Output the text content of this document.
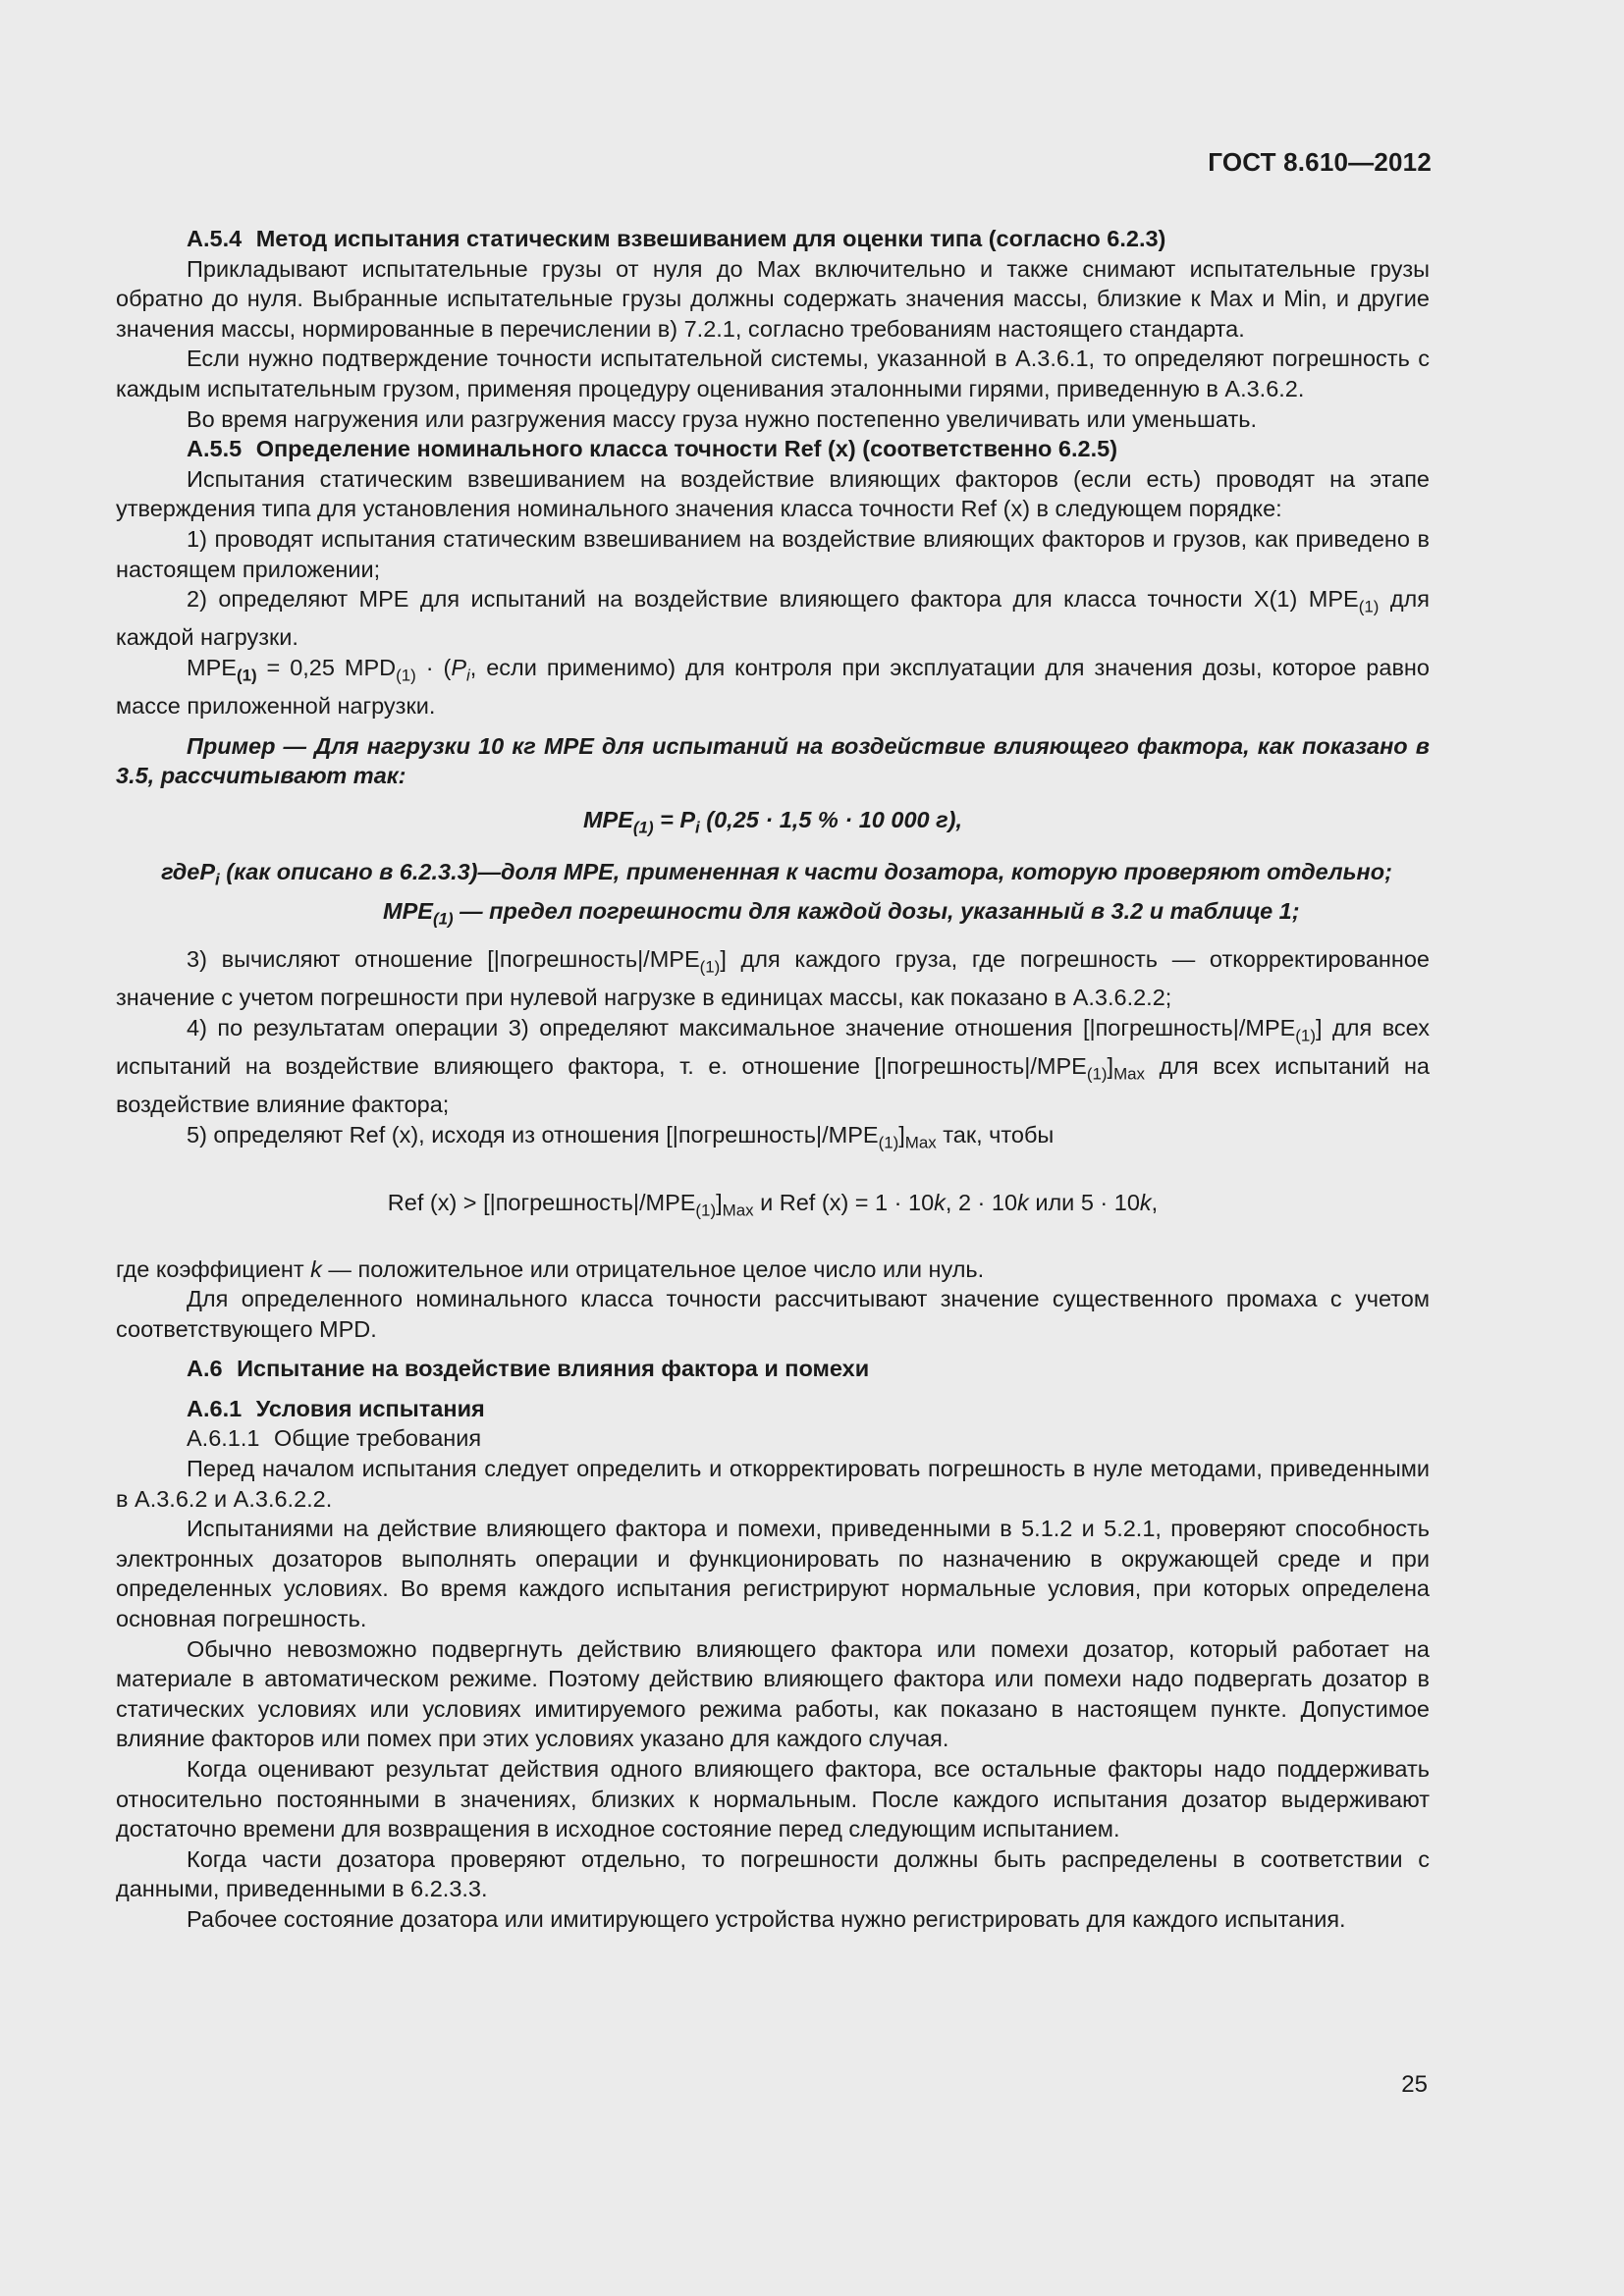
ГОСТ 8.610—2012

А.5.4 Метод испытания статическим взвешиванием для оценки типа (согласно 6.2.3)

Прикладывают испытательные грузы от нуля до Max включительно и также снимают испытательные грузы обратно до нуля. Выбранные испытательные грузы должны содержать значения массы, близкие к Max и Min, и другие значения массы, нормированные в перечислении в) 7.2.1, согласно требованиям настоящего стандарта.

Если нужно подтверждение точности испытательной системы, указанной в А.3.6.1, то определяют погрешность с каждым испытательным грузом, применяя процедуру оценивания эталонными гирями, приведенную в А.3.6.2.

Во время нагружения или разгружения массу груза нужно постепенно увеличивать или уменьшать.

А.5.5 Определение номинального класса точности Ref (x) (соответственно 6.2.5)

Испытания статическим взвешиванием на воздействие влияющих факторов (если есть) проводят на этапе утверждения типа для установления номинального значения класса точности Ref (x) в следующем порядке:

1) проводят испытания статическим взвешиванием на воздействие влияющих факторов и грузов, как приведено в настоящем приложении;

2) определяют МРЕ для испытаний на воздействие влияющего фактора для класса точности X(1) $МРЕ_{(1)}$ для каждой нагрузки.

$МРЕ_{(1)} = 0,25$ $MPD_{(1)} \cdot (P_i$, если применимо) для контроля при эксплуатации для значения дозы, которое равно массе приложенной нагрузки.

Пример — Для нагрузки 10 кг МРЕ для испытаний на воздействие влияющего фактора, как показано в 3.5, рассчитывают так:

$МРЕ_{(1)} = P_i$ (0,25 · 1,5 % · 10 000 г),

гдеP$_i$ (как описано в 6.2.3.3)— доля МРЕ, примененная к части дозатора, которую проверяют отдельно;

$МРЕ_{(1)}$ — предел погрешности для каждой дозы, указанный в 3.2 и таблице 1;

3) вычисляют отношение $[|погрешность|/МРЕ_{(1)}]$ для каждого груза, где погрешность — откорректированное значение с учетом погрешности при нулевой нагрузке в единицах массы, как показано в А.3.6.2.2;

4) по результатам операции 3) определяют максимальное значение отношения $[|погрешность|/МРЕ_{(1)}]$ для всех испытаний на воздействие влияющего фактора, т. е. отношение $[|погрешность|/МРЕ_{(1)}]_{Max}$ для всех испытаний на воздействие влияние фактора;

5) определяют Ref (x), исходя из отношения $[|погрешность|/МРЕ_{(1)}]_{Max}$ так, чтобы

Ref $(x) > [|погрешность|/МРЕ_{(1)}]_{Max}$ и Ref (x) = 1 · 10k, 2 · 10k или 5 · 10k,

где коэффициент k — положительное или отрицательное целое число или нуль.

Для определенного номинального класса точности рассчитывают значение существенного промаха с учетом соответствующего MPD.

А.6 Испытание на воздействие влияния фактора и помехи

А.6.1 Условия испытания

А.6.1.1 Общие требования

Перед началом испытания следует определить и откорректировать погрешность в нуле методами, приведенными в А.3.6.2 и А.3.6.2.2.

Испытаниями на действие влияющего фактора и помехи, приведенными в 5.1.2 и 5.2.1, проверяют способность электронных дозаторов выполнять операции и функционировать по назначению в окружающей среде и при определенных условиях. Во время каждого испытания регистрируют нормальные условия, при которых определена основная погрешность.

Обычно невозможно подвергнуть действию влияющего фактора или помехи дозатор, который работает на материале в автоматическом режиме. Поэтому действию влияющего фактора или помехи надо подвергать дозатор в статических условиях или условиях имитируемого режима работы, как показано в настоящем пункте. Допустимое влияние факторов или помех при этих условиях указано для каждого случая.

Когда оценивают результат действия одного влияющего фактора, все остальные факторы надо поддерживать относительно постоянными в значениях, близких к нормальным. После каждого испытания дозатор выдерживают достаточно времени для возвращения в исходное состояние перед следующим испытанием.

Когда части дозатора проверяют отдельно, то погрешности должны быть распределены в соответствии с данными, приведенными в 6.2.3.3.

Рабочее состояние дозатора или имитирующего устройства нужно регистрировать для каждого испытания.

25
